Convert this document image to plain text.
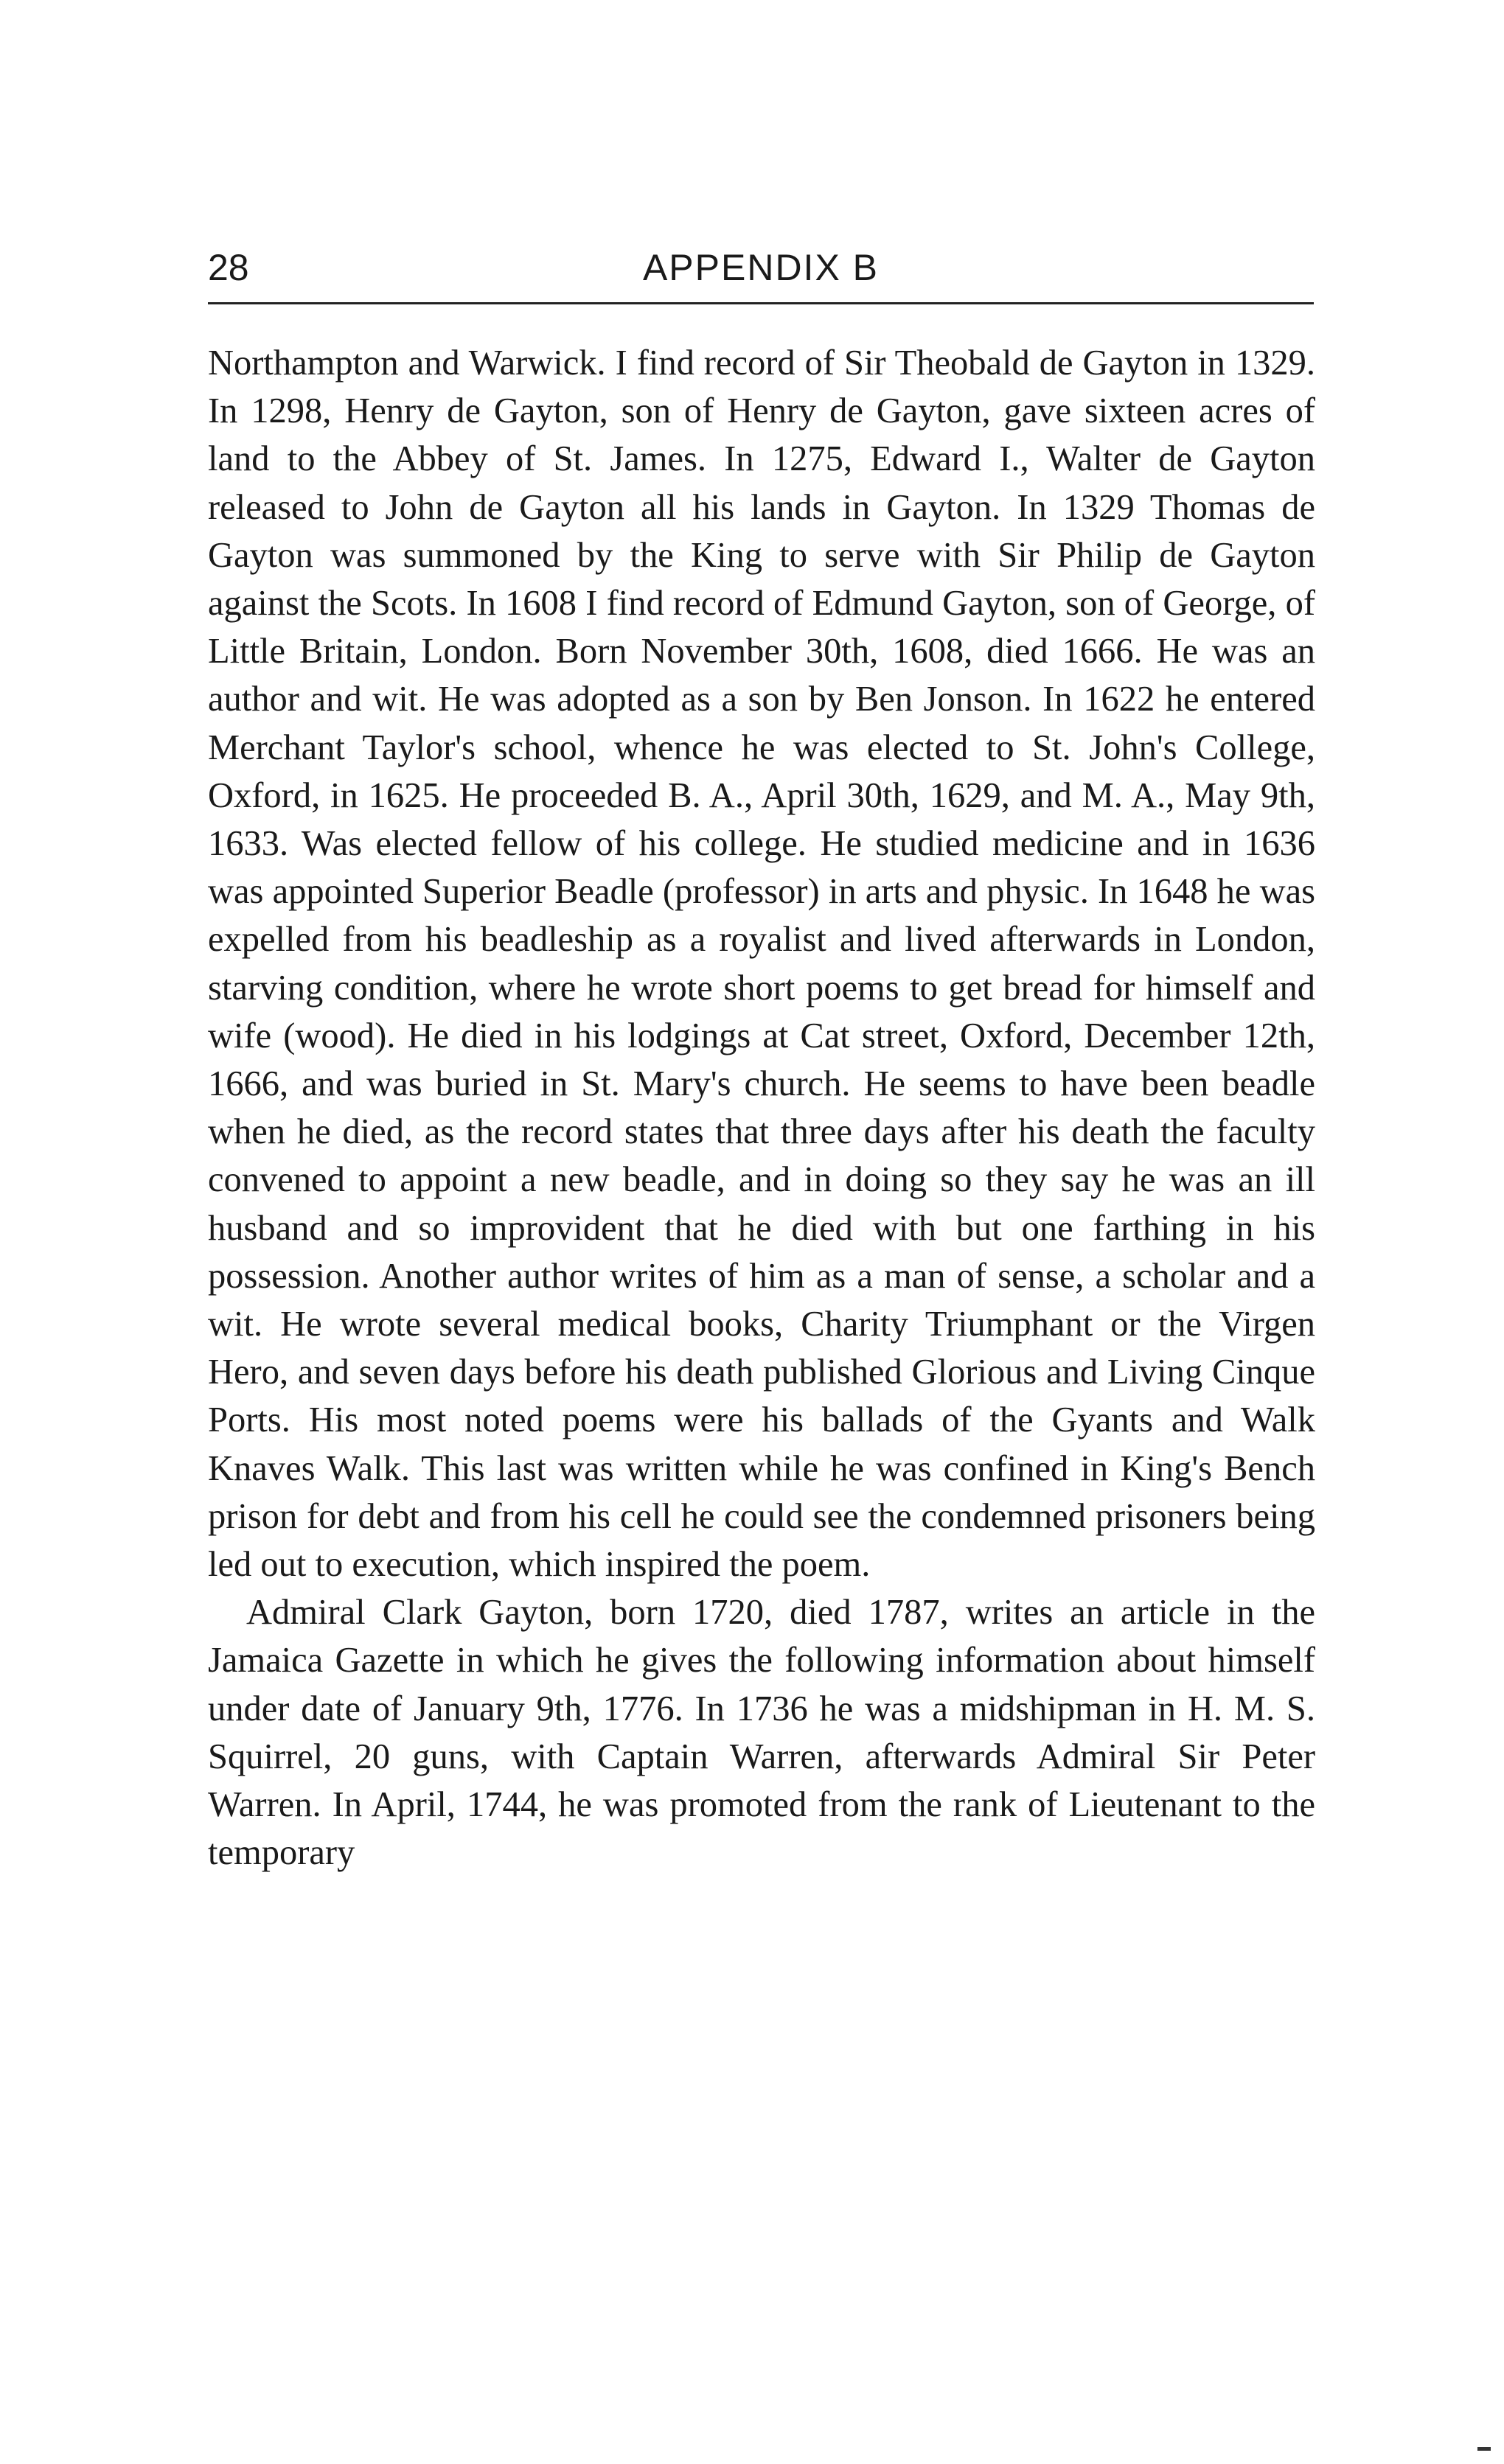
28	APPENDIX B

Northampton and Warwick. I find record of Sir Theobald de Gayton in 1329. In 1298, Henry de Gayton, son of Henry de Gayton, gave sixteen acres of land to the Abbey of St. James. In 1275, Edward I., Walter de Gayton released to John de Gayton all his lands in Gayton. In 1329 Thomas de Gayton was summoned by the King to serve with Sir Philip de Gayton against the Scots. In 1608 I find record of Edmund Gayton, son of George, of Little Britain, London. Born November 30th, 1608, died 1666. He was an author and wit. He was adopted as a son by Ben Jonson. In 1622 he entered Merchant Taylor's school, whence he was elected to St. John's College, Oxford, in 1625. He proceeded B. A., April 30th, 1629, and M. A., May 9th, 1633. Was elected fellow of his college. He studied medicine and in 1636 was appointed Superior Beadle (professor) in arts and physic. In 1648 he was expelled from his beadleship as a royalist and lived afterwards in London, starving condition, where he wrote short poems to get bread for himself and wife (wood). He died in his lodgings at Cat street, Oxford, December 12th, 1666, and was buried in St. Mary's church. He seems to have been beadle when he died, as the record states that three days after his death the faculty convened to appoint a new beadle, and in doing so they say he was an ill husband and so improvident that he died with but one farthing in his possession. Another author writes of him as a man of sense, a scholar and a wit. He wrote several medical books, Charity Triumphant or the Virgen Hero, and seven days before his death published Glorious and Living Cinque Ports. His most noted poems were his ballads of the Gyants and Walk Knaves Walk. This last was written while he was confined in King's Bench prison for debt and from his cell he could see the condemned prisoners being led out to execution, which inspired the poem.

Admiral Clark Gayton, born 1720, died 1787, writes an article in the Jamaica Gazette in which he gives the following information about himself under date of January 9th, 1776. In 1736 he was a midshipman in H. M. S. Squirrel, 20 guns, with Captain Warren, afterwards Admiral Sir Peter Warren. In April, 1744, he was promoted from the rank of Lieutenant to the temporary
